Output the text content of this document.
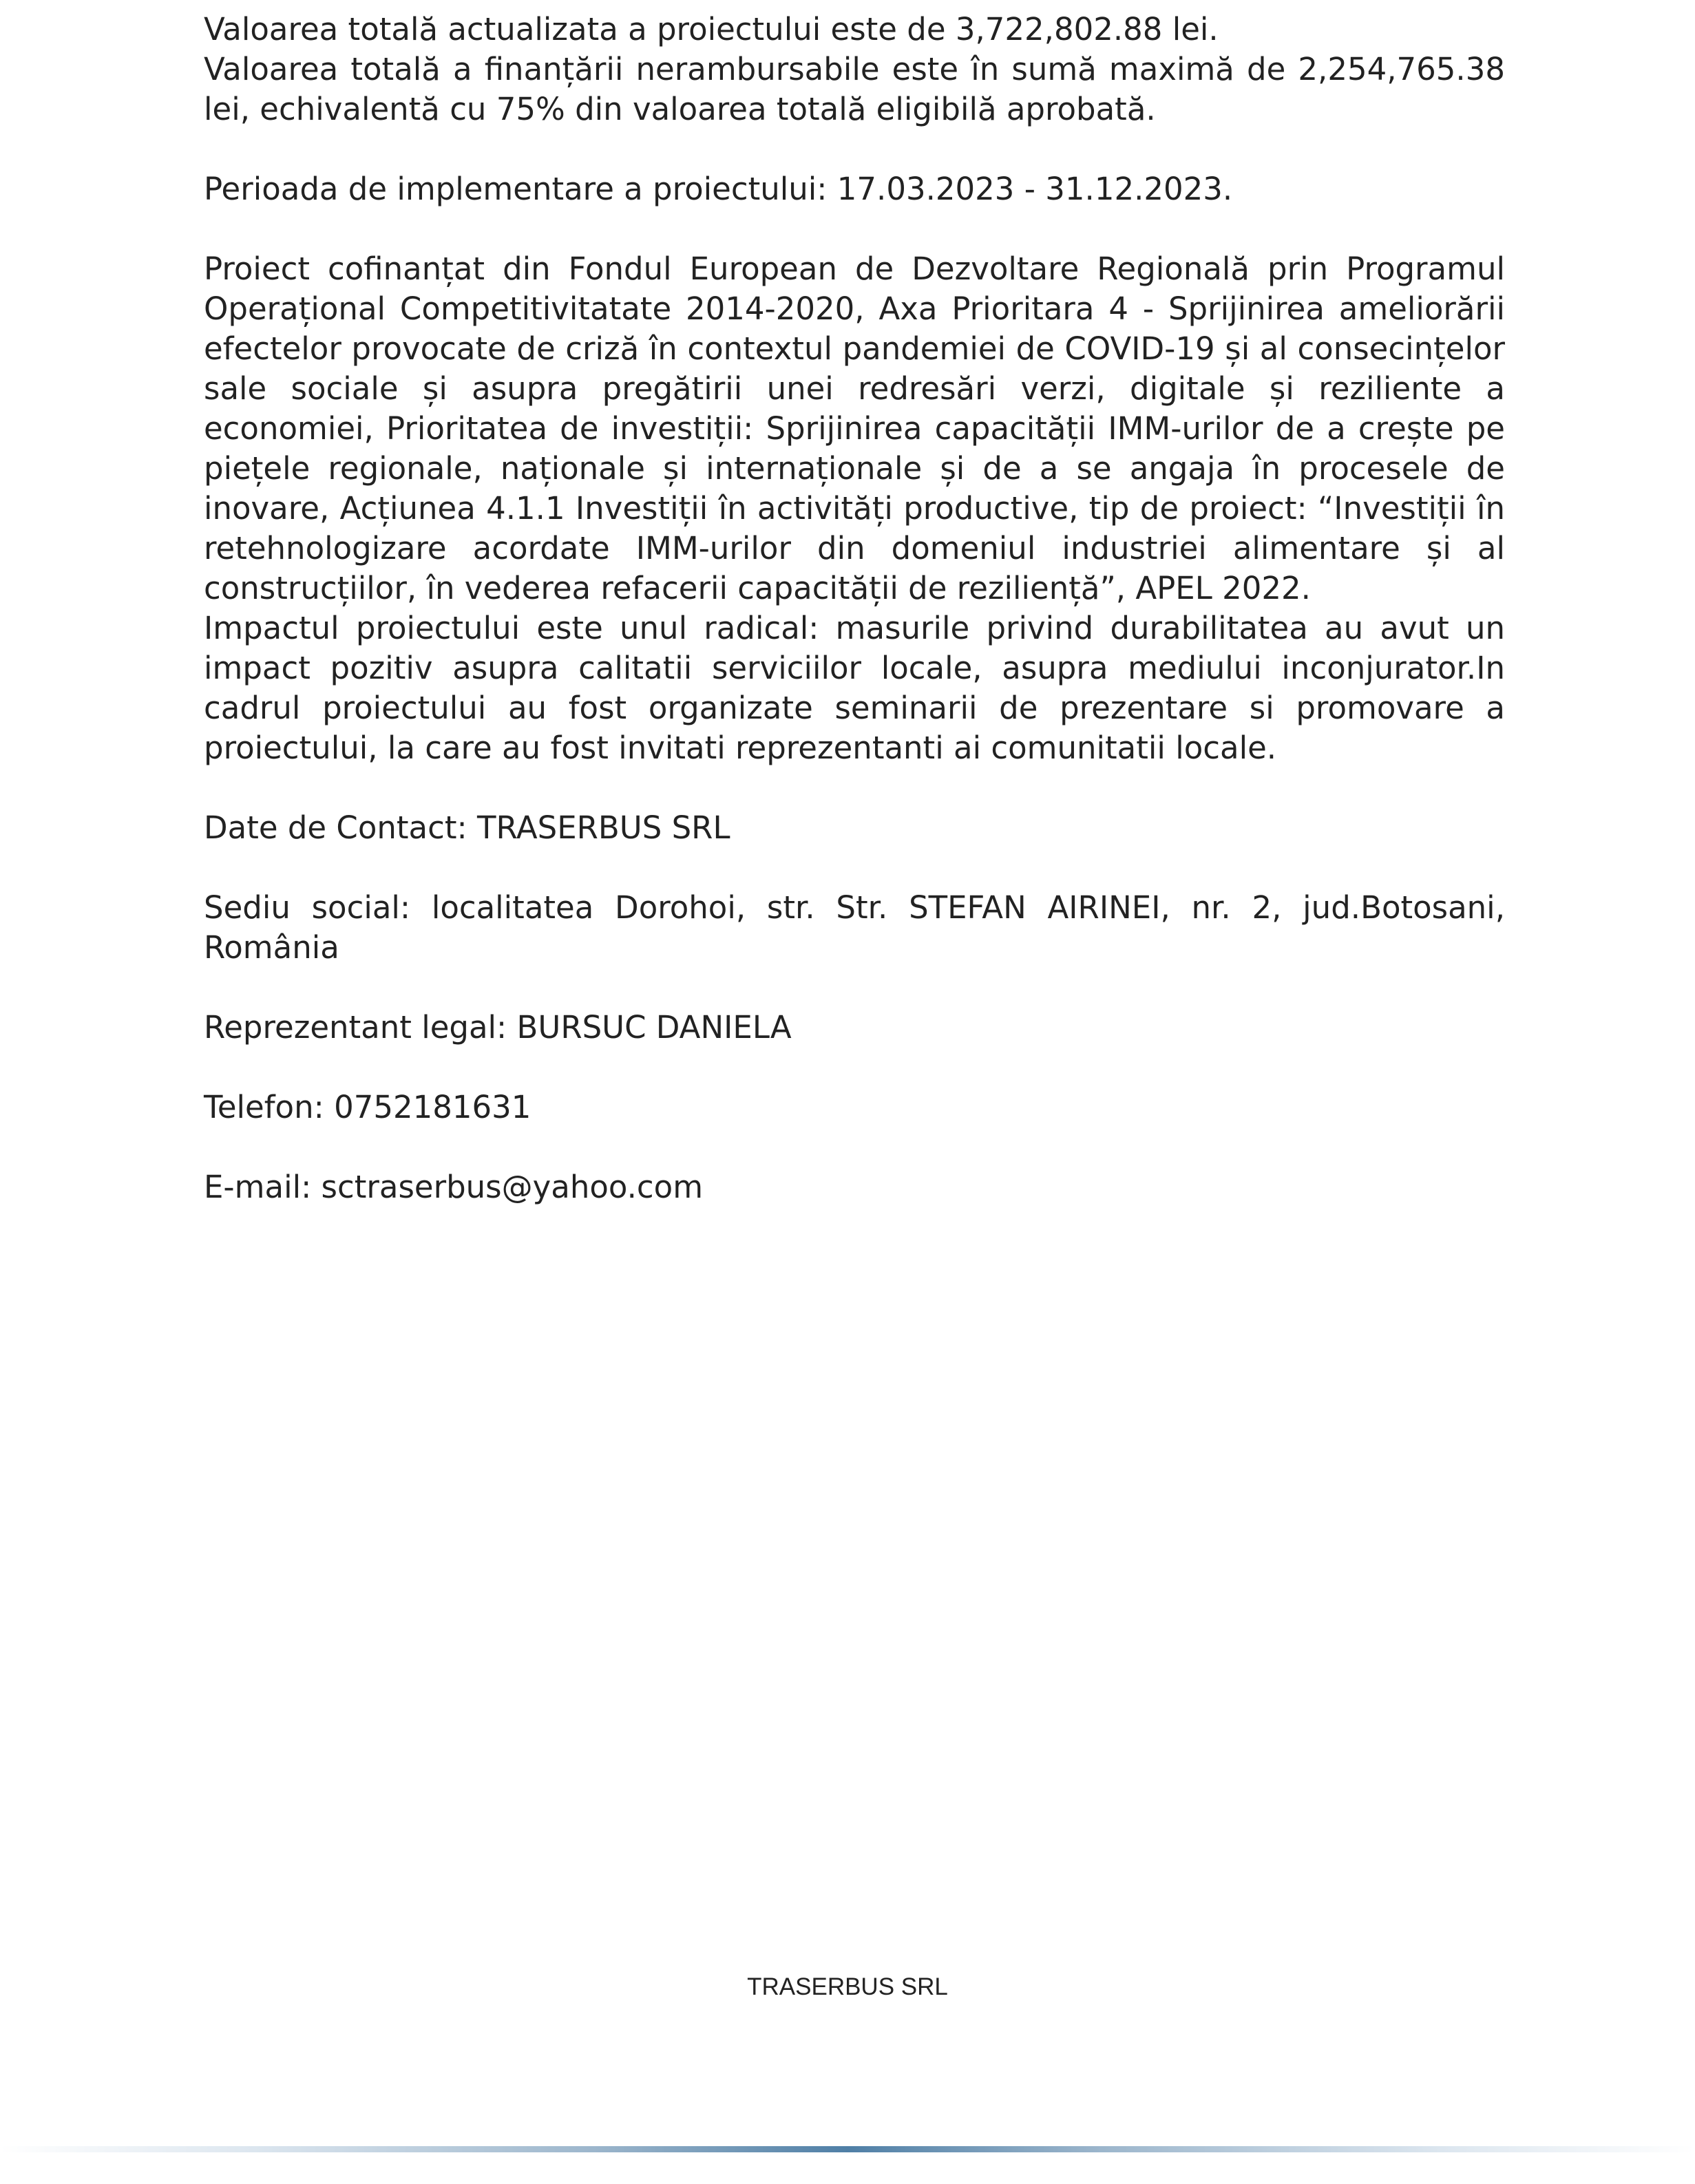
Valoarea totală actualizata a proiectului este de 3,722,802.88 lei.

Valoarea totală a finanțării nerambursabile este în sumă maximă de 2,254,765.38 lei, echivalentă cu 75% din valoarea totală eligibilă aprobată.

Perioada de implementare a proiectului: 17.03.2023 - 31.12.2023.

Proiect cofinanțat din Fondul European de Dezvoltare Regională prin Programul Operațional Competitivitatate 2014-2020, Axa Prioritara 4 - Sprijinirea ameliorării efectelor provocate de criză în contextul pandemiei de COVID-19 și al consecințelor sale sociale și asupra pregătirii unei redresări verzi, digitale și reziliente a economiei, Prioritatea de investiții: Sprijinirea capacității IMM-urilor de a crește pe piețele regionale, naționale și internaționale și de a se angaja în procesele de inovare, Acțiunea 4.1.1 Investiții în activități productive, tip de proiect: “Investiții în retehnologizare acordate IMM-urilor din domeniul industriei alimentare și al construcțiilor, în vederea refacerii capacității de reziliență”, APEL 2022.

Impactul proiectului este unul radical: masurile privind durabilitatea au avut un impact pozitiv asupra calitatii serviciilor locale, asupra mediului inconjurator.In cadrul proiectului au fost organizate seminarii de prezentare si promovare a proiectului, la care au fost invitati reprezentanti ai comunitatii locale.

Date de Contact: TRASERBUS SRL

Sediu social: localitatea Dorohoi, str. Str. STEFAN AIRINEI, nr. 2, jud.Botosani, România

Reprezentant legal: BURSUC DANIELA

Telefon: 0752181631

E-mail: sctraserbus@yahoo.com

TRASERBUS SRL
